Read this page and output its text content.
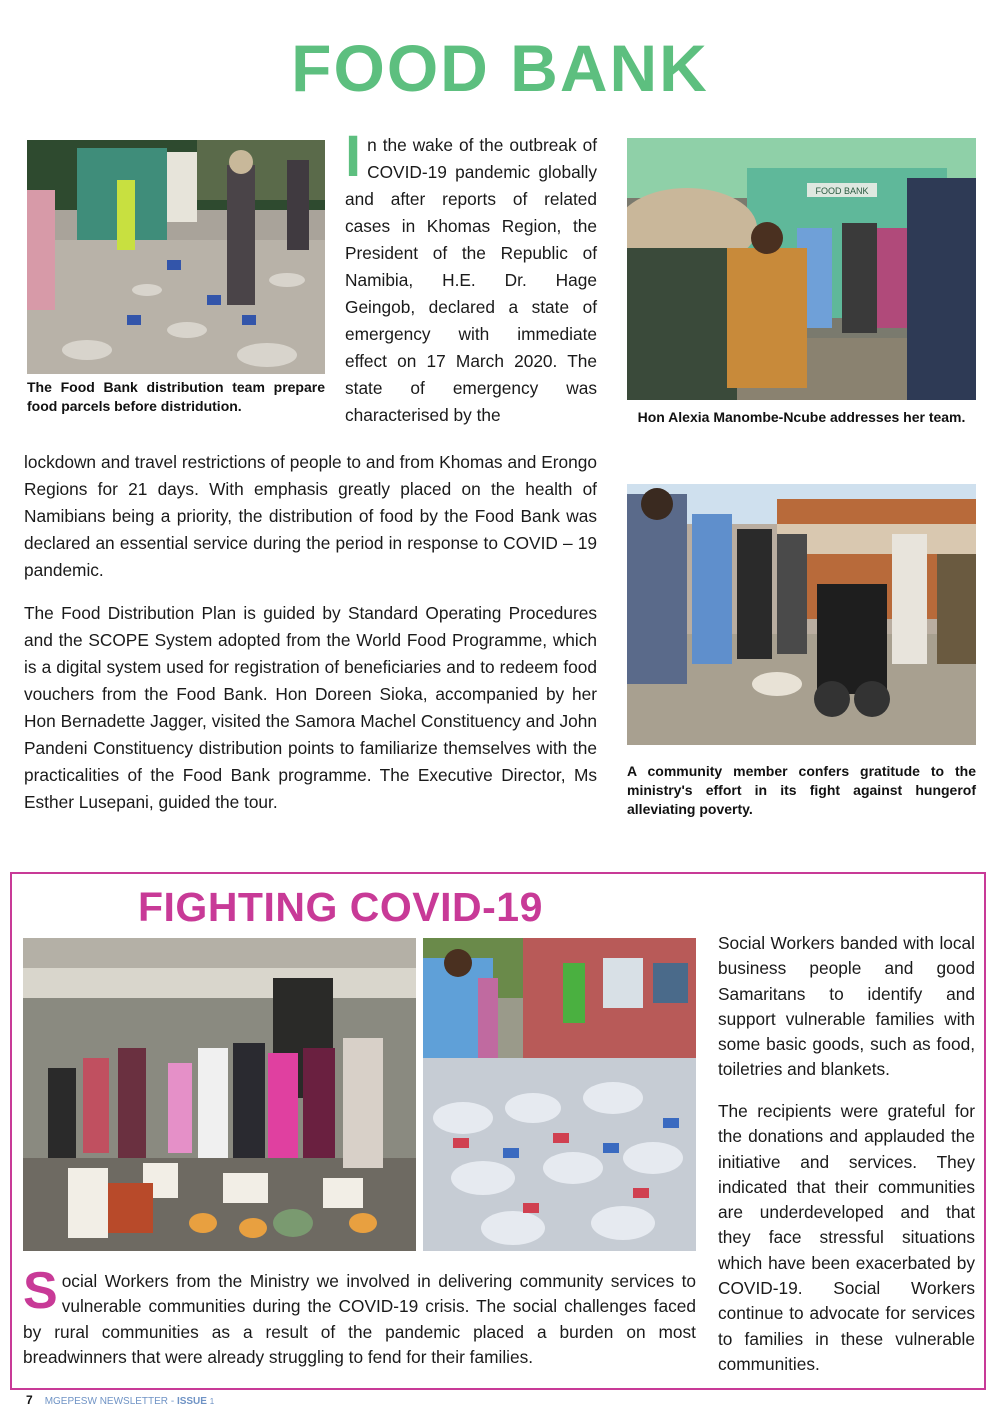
FOOD BANK
The Food Bank distribution team prepare food parcels before distridution.

In the wake of the outbreak of COVID-19 pandemic globally and after reports of related cases in Khomas Region, the President of the Republic of Namibia, H.E. Dr. Hage Geingob, declared a state of emergency with immediate effect on 17 March 2020. The state of emergency was characterised by the

FOOD BANK
Hon Alexia Manombe-Ncube addresses her team.

lockdown and travel restrictions of people to and from Khomas and Erongo Regions for 21 days. With emphasis greatly placed on the health of Namibians being a priority, the distribution of food by the Food Bank was declared an essential service during the period in response to COVID – 19 pandemic.

The Food Distribution Plan is guided by Standard Operating Procedures and the SCOPE System adopted from the World Food Programme, which is a digital system used for registration of beneficiaries and to redeem food vouchers from the Food Bank. Hon Doreen Sioka, accompanied by her Hon Bernadette Jagger, visited the Samora Machel Constituency and John Pandeni Constituency distribution points to familiarize themselves with the practicalities of the Food Bank programme. The Executive Director, Ms Esther Lusepani, guided the tour.

A community member confers gratitude to the ministry's effort in its fight against hungerof alleviating poverty.
FIGHTING COVID-19

Social Workers from the Ministry we involved in delivering community services to vulnerable communities during the COVID-19 crisis. The social challenges faced by rural communities as a result of the pandemic placed a burden on most breadwinners that were already struggling to fend for their families.

Social Workers banded with local business people and good Samaritans to identify and support vulnerable families with some basic goods, such as food, toiletries and blankets.

The recipients were grateful for the donations and applauded the initiative and services. They indicated that their communities are underdeveloped and that they face stressful situations which have been exacerbated by COVID-19. Social Workers continue to advocate for services to families in these vulnerable communities.

7 MGEPESW NEWSLETTER - ISSUE 1
